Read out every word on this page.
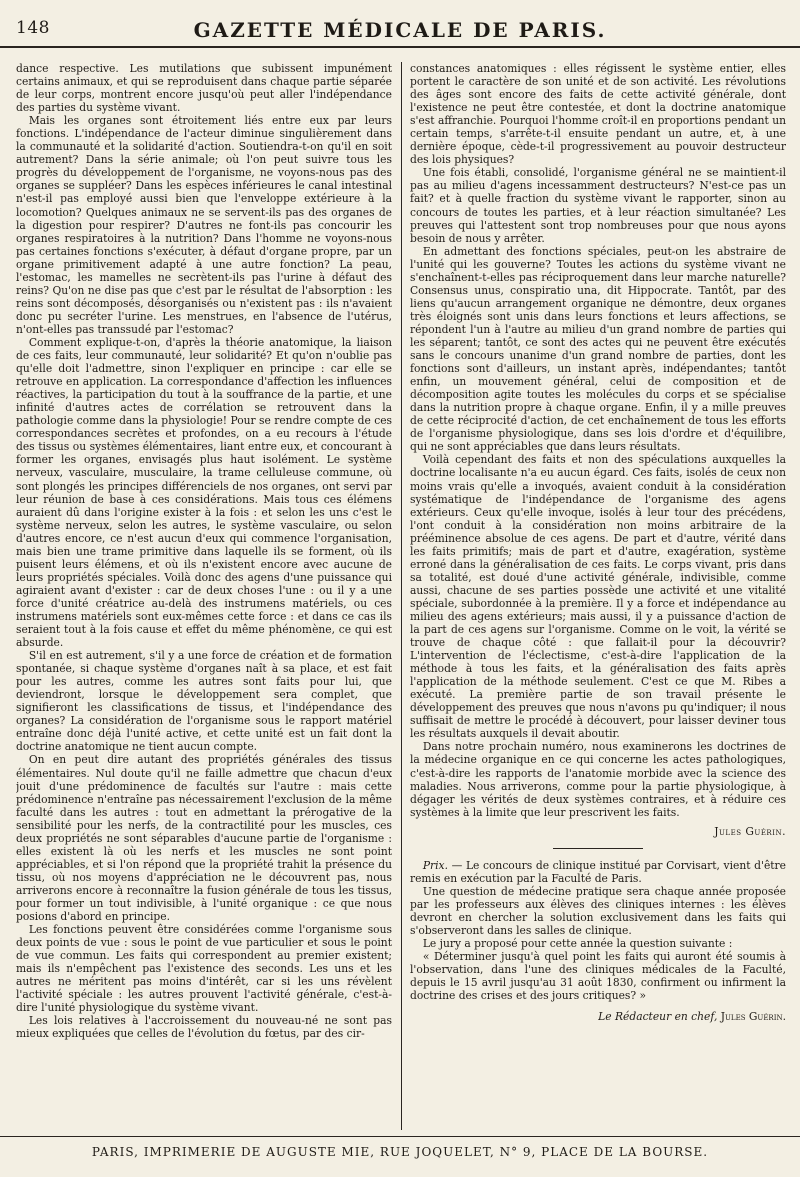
148	GAZETTE MÉDICALE DE PARIS.

dance respective. Les mutilations que subissent impunément certains animaux, et qui se reproduisent dans chaque partie séparée de leur corps, montrent encore jusqu'où peut aller l'indépendance des parties du système vivant.

Mais les organes sont étroitement liés entre eux par leurs fonctions. L'indépendance de l'acteur diminue singulièrement dans la communauté et la solidarité d'action. Soutiendra-t-on qu'il en soit autrement? Dans la série animale; où l'on peut suivre tous les progrès du développement de l'organisme, ne voyons-nous pas des organes se suppléer? Dans les espèces inférieures le canal intestinal n'est-il pas employé aussi bien que l'enveloppe extérieure à la locomotion? Quelques animaux ne se servent-ils pas des organes de la digestion pour respirer? D'autres ne font-ils pas concourir les organes respiratoires à la nutrition? Dans l'homme ne voyons-nous pas certaines fonctions s'exécuter, à défaut d'organe propre, par un organe primitivement adapté à une autre fonction? La peau, l'estomac, les mamelles ne secrètent-ils pas l'urine à défaut des reins? Qu'on ne dise pas que c'est par le résultat de l'absorption : les reins sont décomposés, désorganisés ou n'existent pas : ils n'avaient donc pu secréter l'urine. Les menstrues, en l'absence de l'utérus, n'ont-elles pas transsudé par l'estomac?

Comment explique-t-on, d'après la théorie anatomique, la liaison de ces faits, leur communauté, leur solidarité? Et qu'on n'oublie pas qu'elle doit l'admettre, sinon l'expliquer en principe : car elle se retrouve en application. La correspondance d'affection les influences réactives, la participation du tout à la souffrance de la partie, et une infinité d'autres actes de corrélation se retrouvent dans la pathologie comme dans la physiologie! Pour se rendre compte de ces correspondances secrètes et profondes, on a eu recours à l'étude des tissus ou systèmes élémentaires, liant entre eux, et concourant à former les organes, envisagés plus haut isolément. Le système nerveux, vasculaire, musculaire, la trame celluleuse commune, où sont plongés les principes différenciels de nos organes, ont servi par leur réunion de base à ces considérations. Mais tous ces élémens auraient dû dans l'origine exister à la fois : et selon les uns c'est le système nerveux, selon les autres, le système vasculaire, ou selon d'autres encore, ce n'est aucun d'eux qui commence l'organisation, mais bien une trame primitive dans laquelle ils se forment, où ils puisent leurs élémens, et où ils n'existent encore avec aucune de leurs propriétés spéciales. Voilà donc des agens d'une puissance qui agiraient avant d'exister : car de deux choses l'une : ou il y a une force d'unité créatrice au-delà des instrumens matériels, ou ces instrumens matériels sont eux-mêmes cette force : et dans ce cas ils seraient tout à la fois cause et effet du même phénomène, ce qui est absurde.

S'il en est autrement, s'il y a une force de création et de formation spontanée, si chaque système d'organes naît à sa place, et est fait pour les autres, comme les autres sont faits pour lui, que deviendront, lorsque le développement sera complet, que signifieront les classifications de tissus, et l'indépendance des organes? La considération de l'organisme sous le rapport matériel entraîne donc déjà l'unité active, et cette unité est un fait dont la doctrine anatomique ne tient aucun compte.

On en peut dire autant des propriétés générales des tissus élémentaires. Nul doute qu'il ne faille admettre que chacun d'eux jouit d'une prédominence de facultés sur l'autre : mais cette prédominence n'entraîne pas nécessairement l'exclusion de la même faculté dans les autres : tout en admettant la prérogative de la sensibilité pour les nerfs, de la contractilité pour les muscles, ces deux propriétés ne sont séparables d'aucune partie de l'organisme : elles existent là où les nerfs et les muscles ne sont point appréciables, et si l'on répond que la propriété trahit la présence du tissu, où nos moyens d'appréciation ne le découvrent pas, nous arriverons encore à reconnaître la fusion générale de tous les tissus, pour former un tout indivisible, à l'unité organique : ce que nous posions d'abord en principe.

Les fonctions peuvent être considérées comme l'organisme sous deux points de vue : sous le point de vue particulier et sous le point de vue commun. Les faits qui correspondent au premier existent; mais ils n'empêchent pas l'existence des seconds. Les uns et les autres ne méritent pas moins d'intérêt, car si les uns révèlent l'activité spéciale : les autres prouvent l'activité générale, c'est-à-dire l'unité physiologique du système vivant.

Les lois relatives à l'accroissement du nouveau-né ne sont pas mieux expliquées que celles de l'évolution du fœtus, par des cir-

constances anatomiques : elles régissent le système entier, elles portent le caractère de son unité et de son activité. Les révolutions des âges sont encore des faits de cette activité générale, dont l'existence ne peut être contestée, et dont la doctrine anatomique s'est affranchie. Pourquoi l'homme croît-il en proportions pendant un certain temps, s'arrête-t-il ensuite pendant un autre, et, à une dernière époque, cède-t-il progressivement au pouvoir destructeur des lois physiques?

Une fois établi, consolidé, l'organisme général ne se maintient-il pas au milieu d'agens incessamment destructeurs? N'est-ce pas un fait? et à quelle fraction du système vivant le rapporter, sinon au concours de toutes les parties, et à leur réaction simultanée? Les preuves qui l'attestent sont trop nombreuses pour que nous ayons besoin de nous y arrêter.

En admettant des fonctions spéciales, peut-on les abstraire de l'unité qui les gouverne? Toutes les actions du système vivant ne s'enchaînent-t-elles pas réciproquement dans leur marche naturelle? Consensus unus, conspiratio una, dit Hippocrate. Tantôt, par des liens qu'aucun arrangement organique ne démontre, deux organes très éloignés sont unis dans leurs fonctions et leurs affections, se répondent l'un à l'autre au milieu d'un grand nombre de parties qui les séparent; tantôt, ce sont des actes qui ne peuvent être exécutés sans le concours unanime d'un grand nombre de parties, dont les fonctions sont d'ailleurs, un instant après, indépendantes; tantôt enfin, un mouvement général, celui de composition et de décomposition agite toutes les molécules du corps et se spécialise dans la nutrition propre à chaque organe. Enfin, il y a mille preuves de cette réciprocité d'action, de cet enchaînement de tous les efforts de l'organisme physiologique, dans ses lois d'ordre et d'équilibre, qui ne sont appréciables que dans leurs résultats.

Voilà cependant des faits et non des spéculations auxquelles la doctrine localisante n'a eu aucun égard. Ces faits, isolés de ceux non moins vrais qu'elle a invoqués, avaient conduit à la considération systématique de l'indépendance de l'organisme des agens extérieurs. Ceux qu'elle invoque, isolés à leur tour des précédens, l'ont conduit à la considération non moins arbitraire de la prééminence absolue de ces agens. De part et d'autre, vérité dans les faits primitifs; mais de part et d'autre, exagération, système erroné dans la généralisation de ces faits. Le corps vivant, pris dans sa totalité, est doué d'une activité générale, indivisible, comme aussi, chacune de ses parties possède une activité et une vitalité spéciale, subordonnée à la première. Il y a force et indépendance au milieu des agens extérieurs; mais aussi, il y a puissance d'action de la part de ces agens sur l'organisme. Comme on le voit, la vérité se trouve de chaque côté : que fallait-il pour la découvrir? L'intervention de l'éclectisme, c'est-à-dire l'application de la méthode à tous les faits, et la généralisation des faits après l'application de la méthode seulement. C'est ce que M. Ribes a exécuté. La première partie de son travail présente le développement des preuves que nous n'avons pu qu'indiquer; il nous suffisait de mettre le procédé à découvert, pour laisser deviner tous les résultats auxquels il devait aboutir.

Dans notre prochain numéro, nous examinerons les doctrines de la médecine organique en ce qui concerne les actes pathologiques, c'est-à-dire les rapports de l'anatomie morbide avec la science des maladies. Nous arriverons, comme pour la partie physiologique, à dégager les vérités de deux systèmes contraires, et à réduire ces systèmes à la limite que leur prescrivent les faits.

Jules Guérin.

Prix. — Le concours de clinique institué par Corvisart, vient d'être remis en exécution par la Faculté de Paris.

Une question de médecine pratique sera chaque année proposée par les professeurs aux élèves des cliniques internes : les élèves devront en chercher la solution exclusivement dans les faits qui s'observeront dans les salles de clinique.

Le jury a proposé pour cette année la question suivante :

« Déterminer jusqu'à quel point les faits qui auront été soumis à l'observation, dans l'une des cliniques médicales de la Faculté, depuis le 15 avril jusqu'au 31 août 1830, confirment ou infirment la doctrine des crises et des jours critiques? »

Le Rédacteur en chef, Jules Guérin.
PARIS, IMPRIMERIE DE AUGUSTE MIE, RUE JOQUELET, N° 9, PLACE DE LA BOURSE.
